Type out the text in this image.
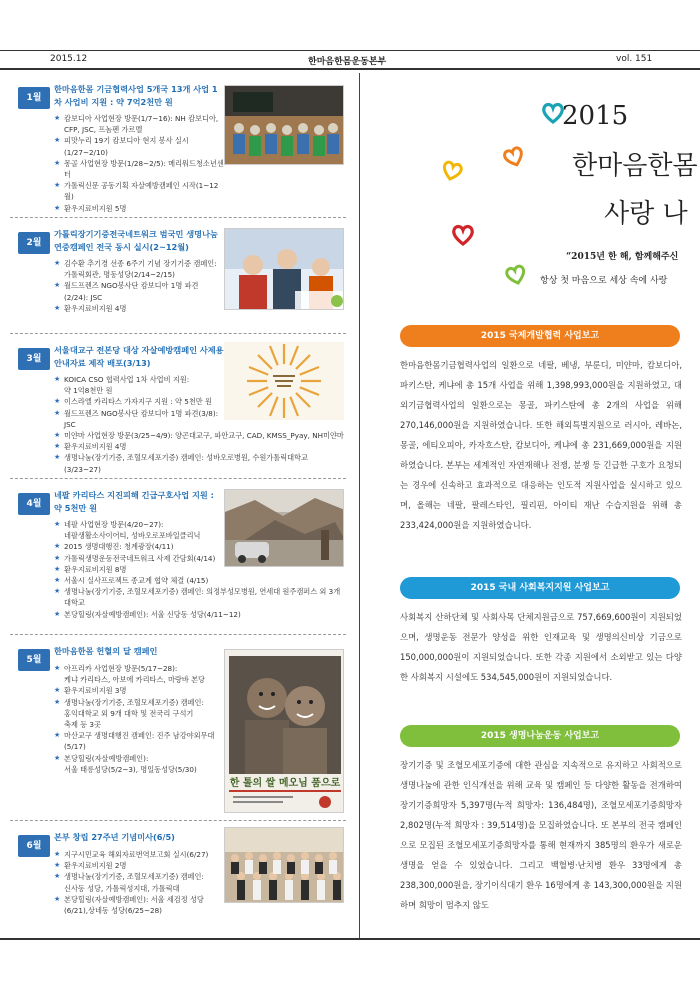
2015.12	한마음한몸운동본부	vol. 151
1월
한마음한몸 기금협력사업 5개국 13개 사업 1차 사업비 지원 : 약 7억2천만 원
★ 캄보디아 사업현장 방문(1/7~16): NH 캄보디아,
CFP, JSC, 프놈펜 가르멜
★ 피맛누리 19기 캄보디아 현지 봉사 실시
(1/27~2/10)
★ 몽골 사업현장 방문(1/28~2/5): 메리워드청소년센터
★ 가톨릭신문 공동기획 자살예방캠페인 시작(1~12월)
★ 환우지료비지원 5명
2월
가톨릭장기기증전국네트워크 범국민 생명나눔 연중캠페인 전국 동시 실시(2~12월)
★ 김수환 추기경 선종 6주기 기념 장기기증 캠페인:
가톨릭회관, 명동성당(2/14~2/15)
★ 월드프렌즈 NGO봉사단 캄보디아 1명 파견
(2/24): JSC
★ 환우지료비지원 4명
3월
서울대교구 전본당 대상 자살예방캠페인 사제용 안내자료 제작 배포(3/13)
★ KOICA CSO 협력사업 1차 사업비 지원:
약 1억8천만 원
★ 이스라엘 카리타스 가자지구 지원 : 약 5천만 원
★ 월드프렌즈 NGO봉사단 캄보디아 1명 파견(3/8): JSC
★ 미얀마 사업현장 방문(3/25~4/9): 양곤대교구, 파안교구, CAD, KMSS_Pyay, NH미얀마
★ 환우지료비지원 4명
★ 생명나눔(장기기증, 조혈모세포기증) 캠페인: 성바오로병원, 수원가톨릭대학교(3/23~27)
4월
네팔 카리타스 지진피해 긴급구호사업 지원 : 약 5천만 원
★ 네팔 사업현장 방문(4/20~27):
네팔생활소사이어티, 성바오로포바일클리닉
★ 2015 생명대행진: 청계광장(4/11)
★ 가톨릭생명운동전국네트워크 사제 간담회(4/14)
★ 환우지료비지원 8명
★ 서울시 실사프로젝트 종교계 협약 체결 (4/15)
★ 생명나눔(장기기증, 조혈모세포기증) 캠페인: 의정부성모병원, 연세대 원주캠퍼스 외 3개 대학교
★ 본당힐링(자살예방캠페인): 서울 신당동 성당(4/11~12)
5월
한마음한몸 헌혈의 달 캠페인
★ 아프리카 사업현장 방문(5/17~28):
케냐 카리타스, 아보에 카리타스, 마랑바 본당
★ 환우지료비지원 3명
★ 생명나눔(장기기증, 조혈모세포기증) 캠페인:
홍익대학교 외 9개 대학 및 전국리 구석기
축제 등 3곳
★ 마산교구 생명대행진 캠페인: 진주 남강야외무대
(5/17)
★ 본당힐링(자살예방캠페인):
서울 태릉성당(5/2~3), 명일동성당(5/30)
한 톨의 쌀 메오님 품으로
6월
본부 창립 27주년 기념미사(6/5)
★ 지구시민교육 해외자료번역보고회 실시(6/27)
★ 환우지료비지원 2명
★ 생명나눔(장기기증, 조혈모세포기증) 캠페인:
신사동 성당, 가톨릭성지대, 가톨릭대
★ 본당힐링(자살예방캠페인): 서울 세검정 성당
(6/21),상네동 성당(6/25~28)
2015
한마음한몸
사랑 나
“2015년 한 해, 함께해주신
항상 첫 마음으로 세상 속에 사랑
2015 국제개발협력 사업보고
한마음한몸기금협력사업의 일환으로 네팔, 베냉, 부룬디, 미얀마, 캄보디아, 파키스탄, 케냐에 총 15개 사업을 위해 1,398,993,000원을 지원하였고, 대외기금협력사업의 일환으로는 몽골, 파키스탄에 총 2개의 사업을 위해 270,146,000원을 지원하였습니다. 또한 해외특별지원으로 러시아, 레바논, 몽골, 에티오피아, 카자흐스탄, 캄보디아, 케냐에 총 231,669,000원을 지원하였습니다. 본부는 세계적인 자연재해나 전쟁, 분쟁 등 긴급한 구호가 요청되는 경우에 신속하고 효과적으로 대응하는 인도적 지원사업을 실시하고 있으며, 올해는 네팔, 팔레스타인, 필리핀, 아이티 재난 수습지원을 위해 총 233,424,000원을 지원하였습니다.
2015 국내 사회복지지원 사업보고
사회복지 산하단체 및 사회사목 단체지원금으로 757,669,600원이 지원되었으며, 생명운동 전문가 양성을 위한 인재교육 및 생명의신비상 기금으로 150,000,000원이 지원되었습니다. 또한 각종 지원에서 소외받고 있는 다양한 사회복지 시설에도 534,545,000원이 지원되었습니다.
2015 생명나눔운동 사업보고
장기기증 및 조혈모세포기증에 대한 관심을 지속적으로 유지하고 사회적으로 생명나눔에 관한 인식개선을 위해 교육 및 캠페인 등 다양한 활동을 전개하여 장기기증희망자 5,397명(누적 희망자: 136,484명), 조혈모세포기증희망자 2,802명(누적 희망자 : 39,514명)을 모집하였습니다. 또 본부의 전국 캠페인으로 모집된 조혈모세포기증희망자를 통해 현재까지 385명의 환우가 새로운 생명을 얻을 수 있었습니다. 그리고 백혈병·난치병 환우 33명에게 총 238,300,000원을, 장기이식대기 환우 16명에게 총 143,300,000원을 지원하며 희망이 멈추지 않도
